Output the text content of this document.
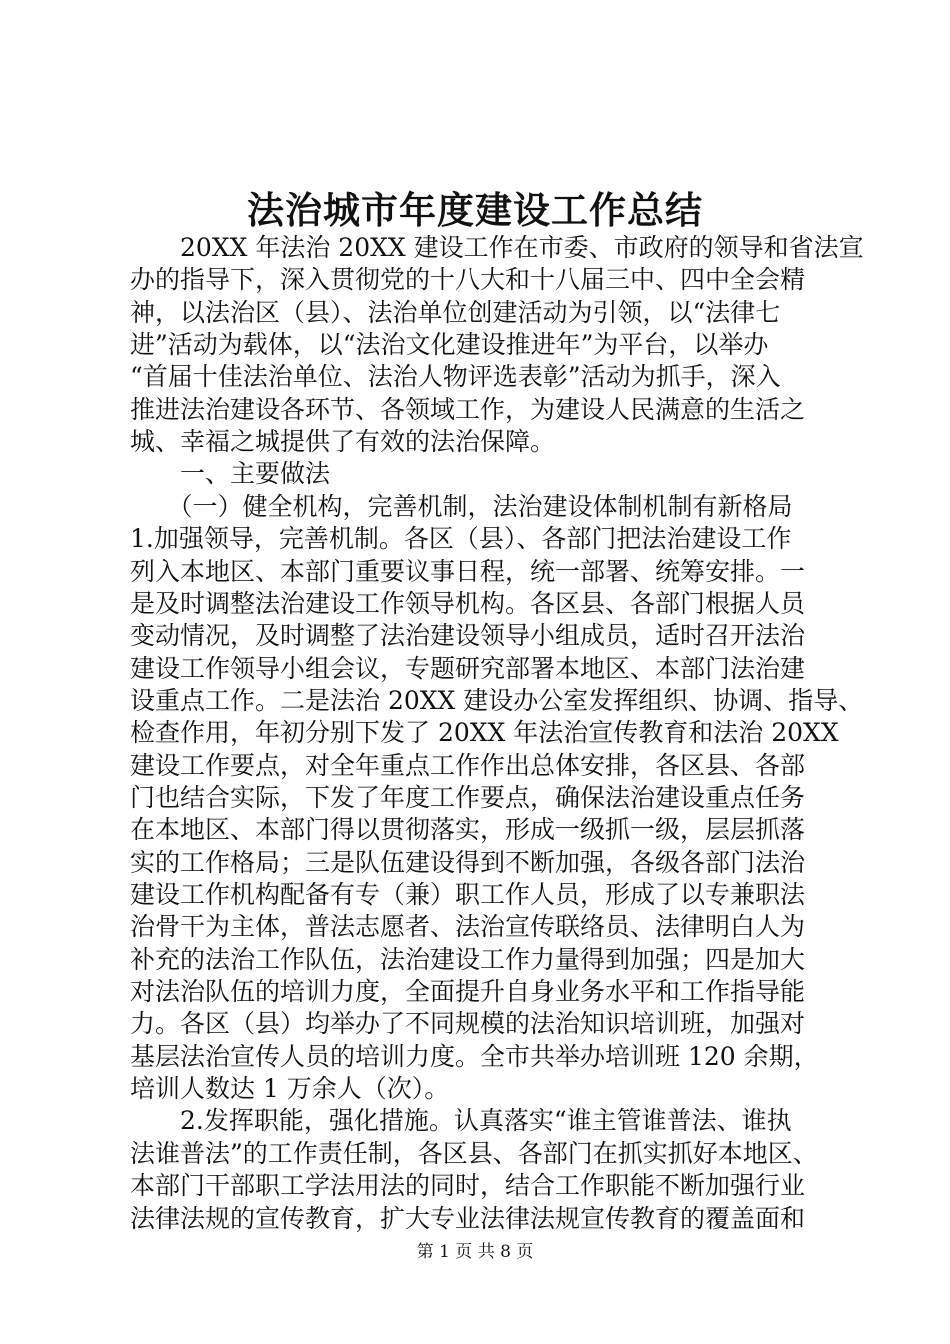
法治城市年度建设工作总结
　　20XX 年法治 20XX 建设工作在市委、市政府的领导和省法宣
办的指导下，深入贯彻党的十八大和十八届三中、四中全会精
神，以法治区（县）、法治单位创建活动为引领，以“法律七
进”活动为载体，以“法治文化建设推进年”为平台，以举办
“首届十佳法治单位、法治人物评选表彰”活动为抓手，深入
推进法治建设各环节、各领域工作，为建设人民满意的生活之
城、幸福之城提供了有效的法治保障。
　　一、主要做法
　　（一）健全机构，完善机制，法治建设体制机制有新格局
1.加强领导，完善机制。各区（县）、各部门把法治建设工作
列入本地区、本部门重要议事日程，统一部署、统筹安排。一
是及时调整法治建设工作领导机构。各区县、各部门根据人员
变动情况，及时调整了法治建设领导小组成员，适时召开法治
建设工作领导小组会议，专题研究部署本地区、本部门法治建
设重点工作。二是法治 20XX 建设办公室发挥组织、协调、指导、
检查作用，年初分别下发了 20XX 年法治宣传教育和法治 20XX
建设工作要点，对全年重点工作作出总体安排，各区县、各部
门也结合实际，下发了年度工作要点，确保法治建设重点任务
在本地区、本部门得以贯彻落实，形成一级抓一级，层层抓落
实的工作格局；三是队伍建设得到不断加强，各级各部门法治
建设工作机构配备有专（兼）职工作人员，形成了以专兼职法
治骨干为主体，普法志愿者、法治宣传联络员、法律明白人为
补充的法治工作队伍，法治建设工作力量得到加强；四是加大
对法治队伍的培训力度，全面提升自身业务水平和工作指导能
力。各区（县）均举办了不同规模的法治知识培训班，加强对
基层法治宣传人员的培训力度。全市共举办培训班 120 余期，
培训人数达 1 万余人（次）。
　　2.发挥职能，强化措施。认真落实“谁主管谁普法、谁执
法谁普法”的工作责任制，各区县、各部门在抓实抓好本地区、
本部门干部职工学法用法的同时，结合工作职能不断加强行业
法律法规的宣传教育，扩大专业法律法规宣传教育的覆盖面和
第 1 页 共 8 页
